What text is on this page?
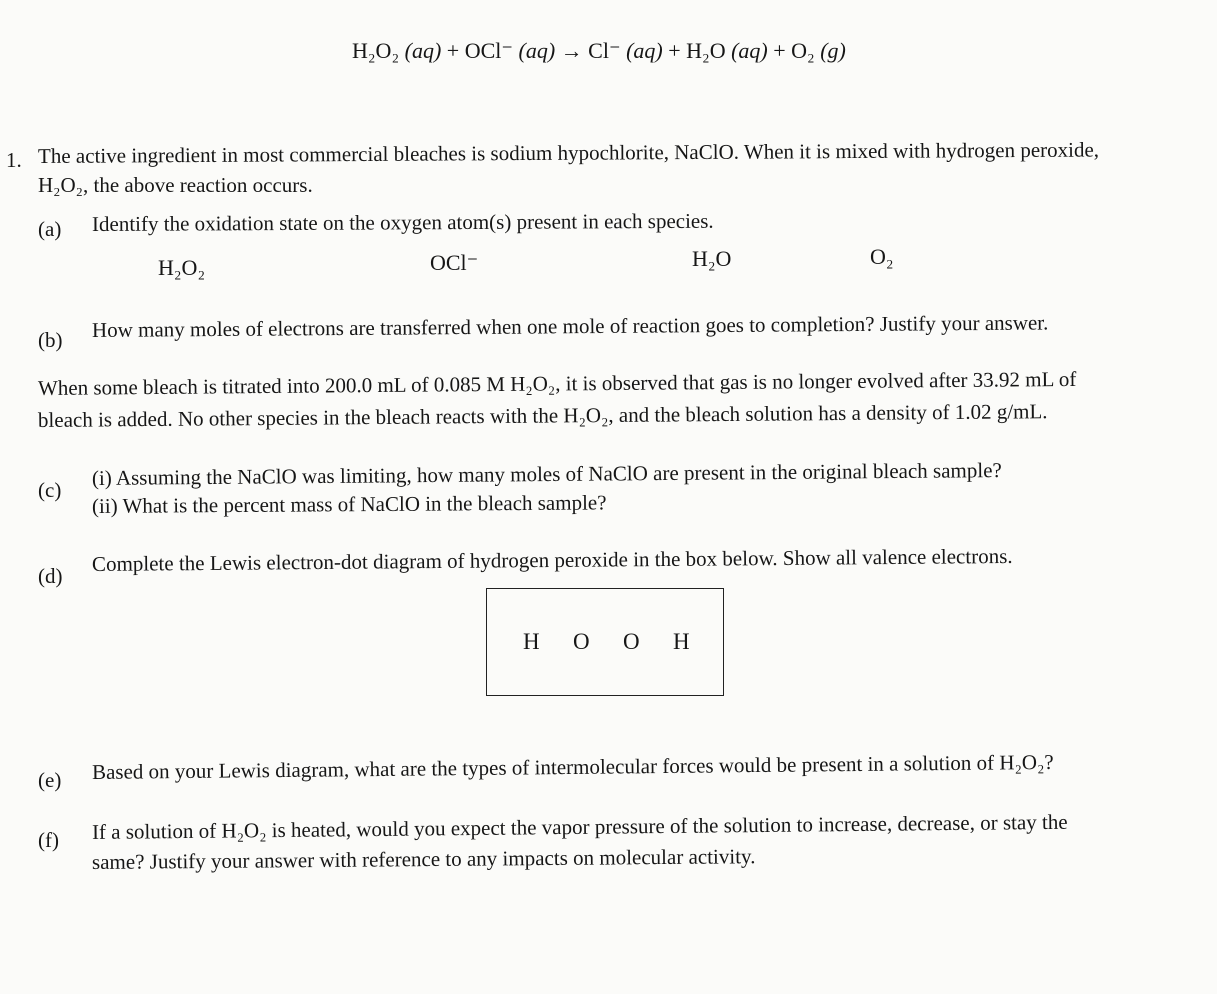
H₂O₂ (aq) + OCl⁻ (aq) → Cl⁻ (aq) + H₂O (aq) + O₂ (g)
1. The active ingredient in most commercial bleaches is sodium hypochlorite, NaClO. When it is mixed with hydrogen peroxide,
H₂O₂, the above reaction occurs.
(a) Identify the oxidation state on the oxygen atom(s) present in each species.
H₂O₂	OCl⁻	H₂O	O₂
(b) How many moles of electrons are transferred when one mole of reaction goes to completion? Justify your answer.
When some bleach is titrated into 200.0 mL of 0.085 M H₂O₂, it is observed that gas is no longer evolved after 33.92 mL of
bleach is added. No other species in the bleach reacts with the H₂O₂, and the bleach solution has a density of 1.02 g/mL.
(c)
(i) Assuming the NaClO was limiting, how many moles of NaClO are present in the original bleach sample?
(ii) What is the percent mass of NaClO in the bleach sample?
(d)
Complete the Lewis electron-dot diagram of hydrogen peroxide in the box below. Show all valence electrons.
H O O H
(e) Based on your Lewis diagram, what are the types of intermolecular forces would be present in a solution of H₂O₂?
(f) If a solution of H₂O₂ is heated, would you expect the vapor pressure of the solution to increase, decrease, or stay the
same? Justify your answer with reference to any impacts on molecular activity.
